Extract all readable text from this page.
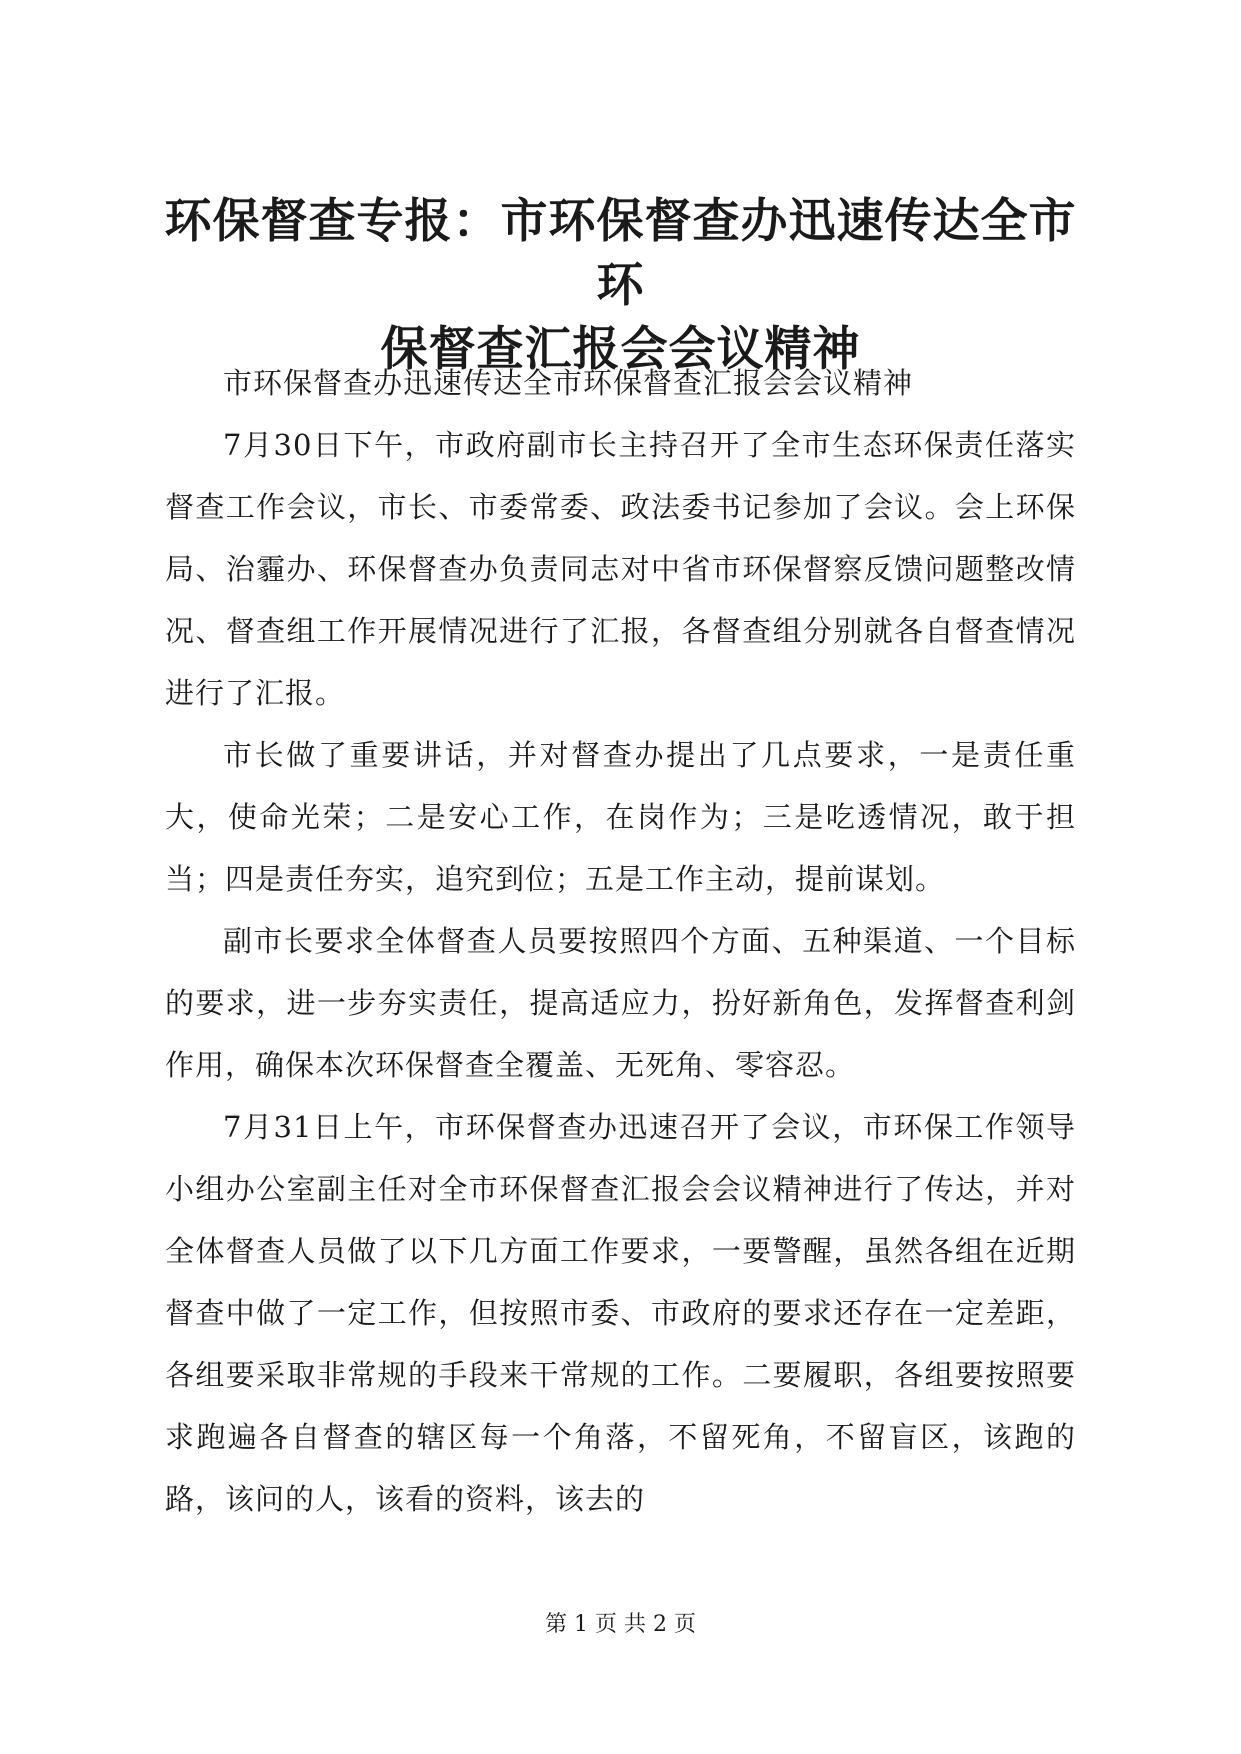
环保督查专报：市环保督查办迅速传达全市环
保督查汇报会会议精神

市环保督查办迅速传达全市环保督查汇报会会议精神

7月30日下午，市政府副市长主持召开了全市生态环保责任落实督查工作会议，市长、市委常委、政法委书记参加了会议。会上环保局、治霾办、环保督查办负责同志对中省市环保督察反馈问题整改情况、督查组工作开展情况进行了汇报，各督查组分别就各自督查情况进行了汇报。

市长做了重要讲话，并对督查办提出了几点要求，一是责任重大，使命光荣；二是安心工作，在岗作为；三是吃透情况，敢于担当；四是责任夯实，追究到位；五是工作主动，提前谋划。

副市长要求全体督查人员要按照四个方面、五种渠道、一个目标的要求，进一步夯实责任，提高适应力，扮好新角色，发挥督查利剑作用，确保本次环保督查全覆盖、无死角、零容忍。

7月31日上午，市环保督查办迅速召开了会议，市环保工作领导小组办公室副主任对全市环保督查汇报会会议精神进行了传达，并对全体督查人员做了以下几方面工作要求，一要警醒，虽然各组在近期督查中做了一定工作，但按照市委、市政府的要求还存在一定差距，各组要采取非常规的手段来干常规的工作。二要履职，各组要按照要求跑遍各自督查的辖区每一个角落，不留死角，不留盲区，该跑的路，该问的人，该看的资料，该去的

第 1 页 共 2 页
